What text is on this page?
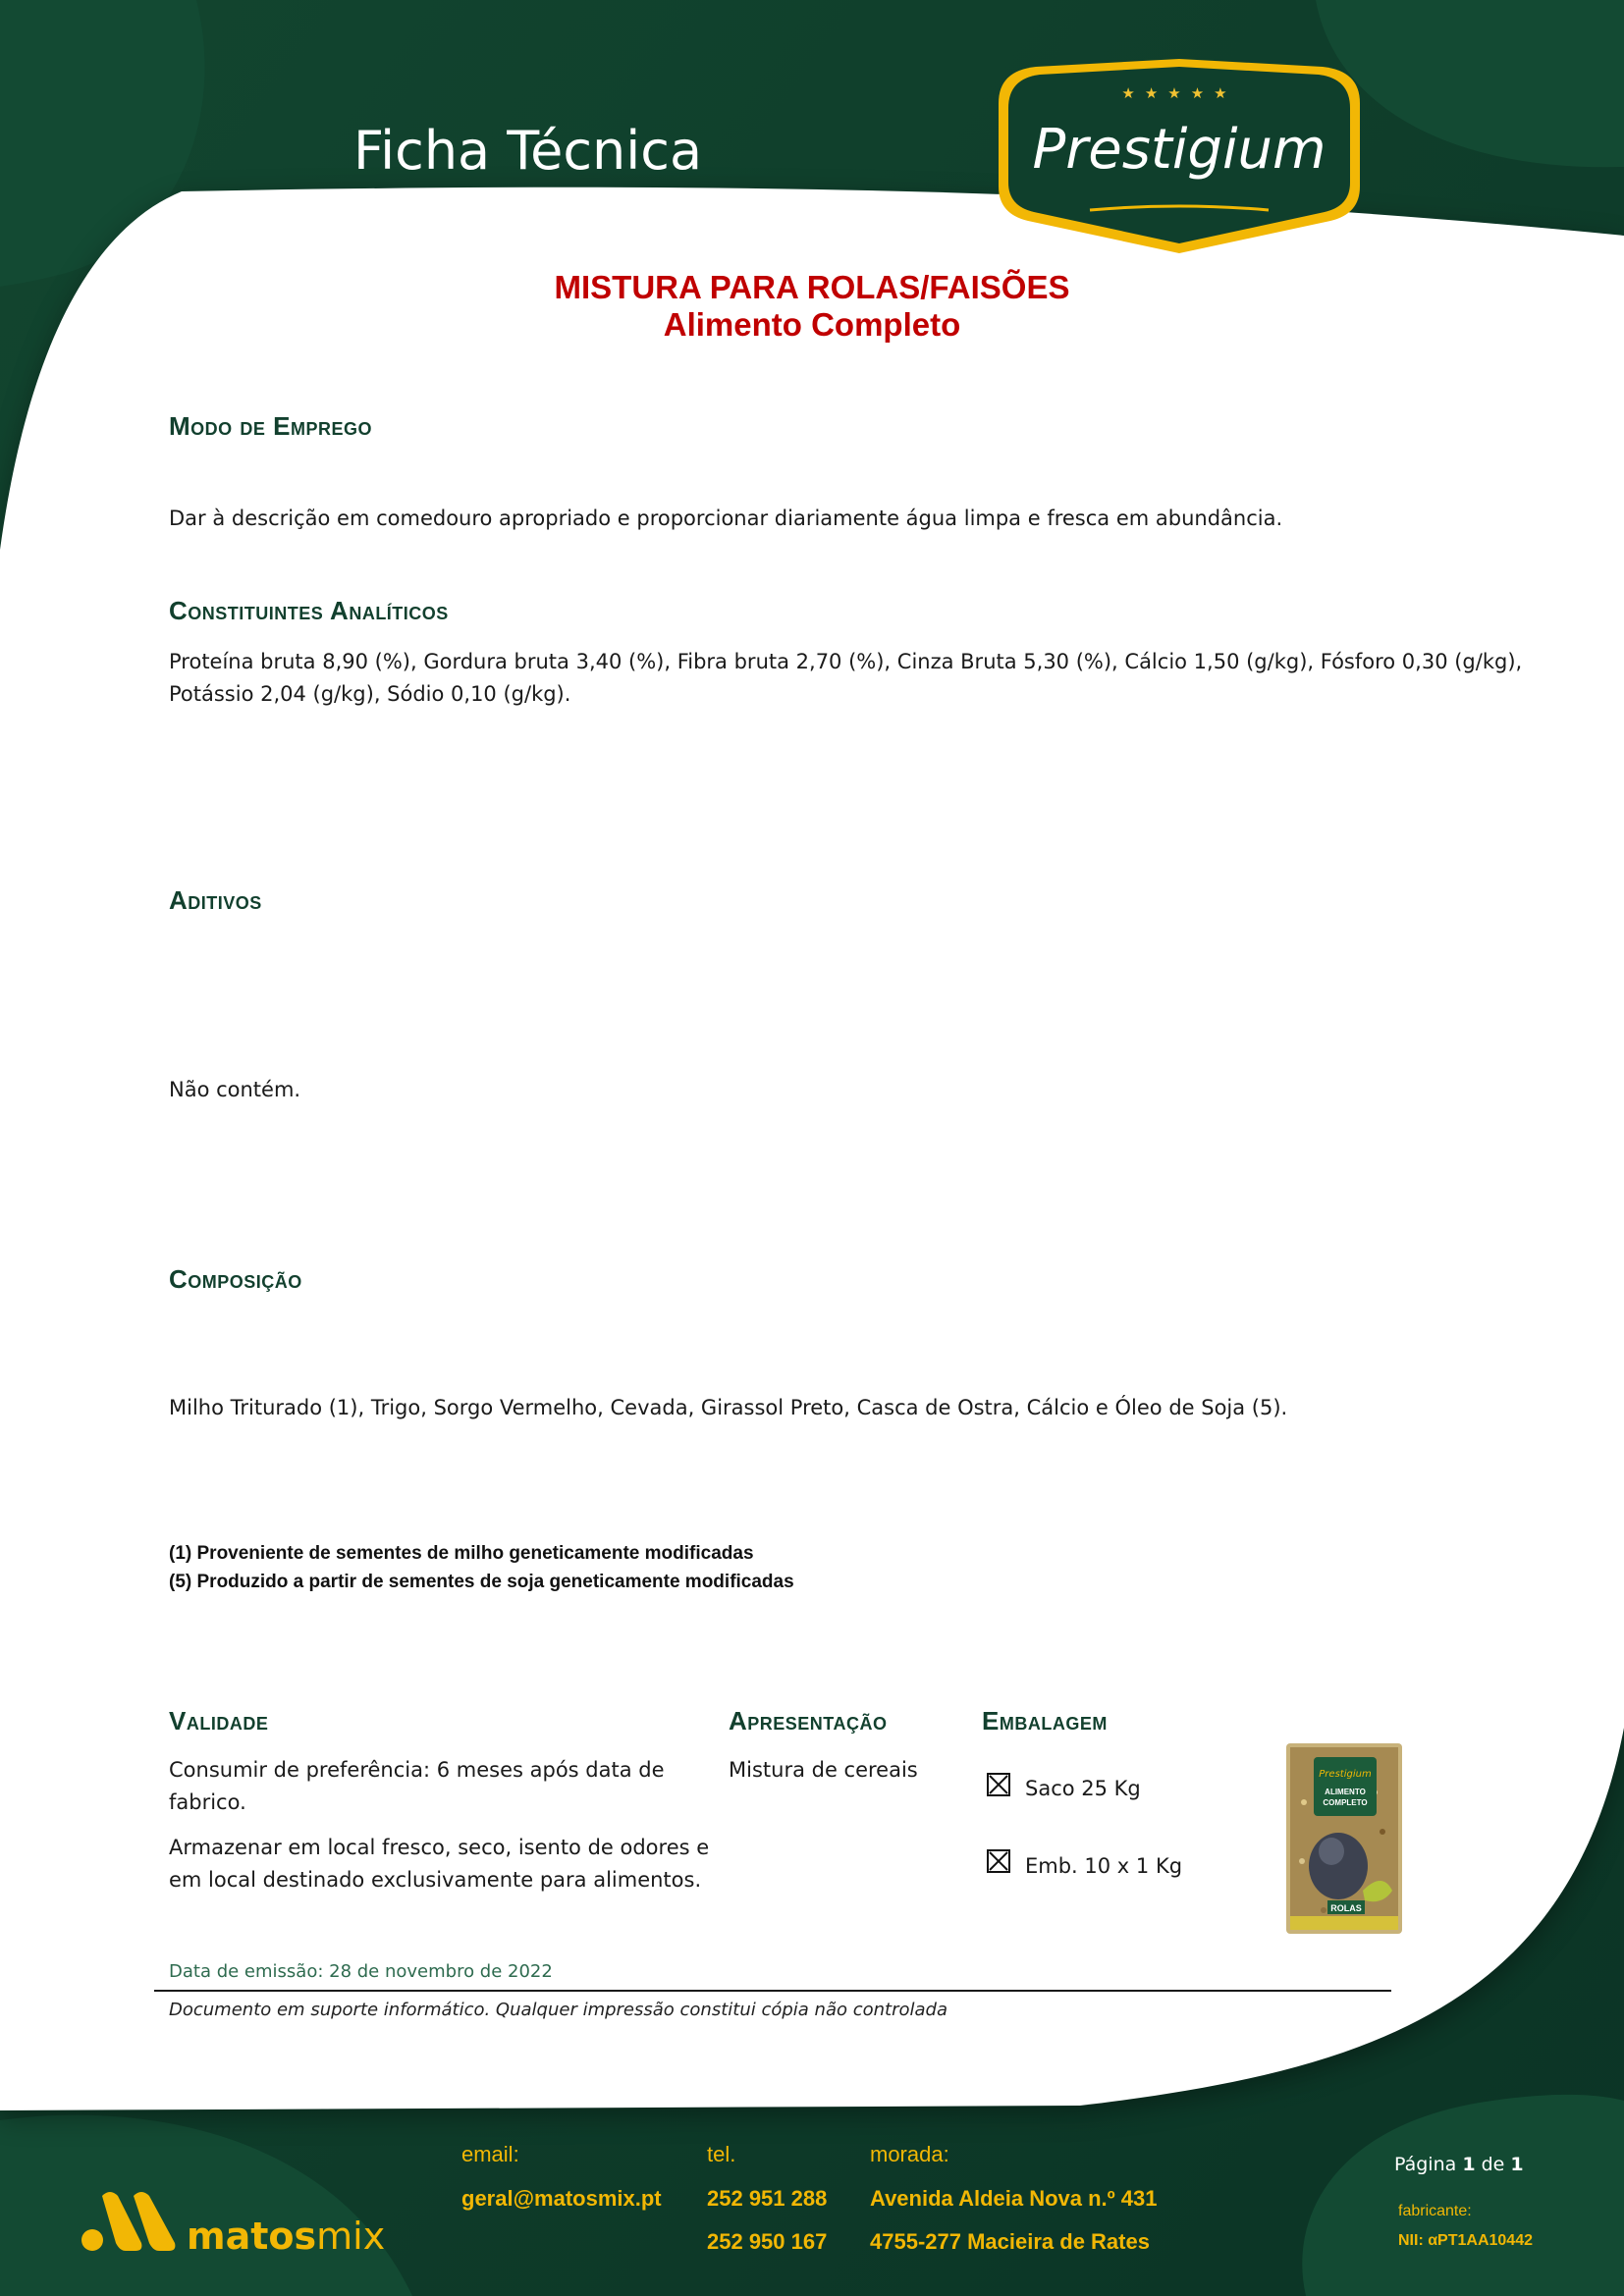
Ficha Técnica
★★★★★
Prestigium
MISTURA PARA ROLAS/FAISÕES
Alimento Completo
Modo de Emprego
Dar à descrição em comedouro apropriado e proporcionar diariamente água limpa e fresca em abundância.
Constituintes Analíticos
Proteína bruta 8,90 (%), Gordura bruta 3,40 (%), Fibra bruta 2,70 (%), Cinza Bruta 5,30 (%), Cálcio 1,50 (g/kg), Fósforo 0,30 (g/kg),
Potássio 2,04 (g/kg), Sódio 0,10 (g/kg).
Aditivos
Não contém.
Composição
Milho Triturado (1), Trigo, Sorgo Vermelho, Cevada, Girassol Preto, Casca de Ostra, Cálcio e Óleo de Soja (5).
(1) Proveniente de sementes de milho geneticamente modificadas
(5) Produzido a partir de sementes de soja geneticamente modificadas
Validade
Consumir de preferência: 6 meses após data de
fabrico.
Armazenar em local fresco, seco, isento de odores e
em local destinado exclusivamente para alimentos.
Apresentação
Mistura de cereais
Embalagem
Saco 25 Kg
Emb. 10 x 1 Kg
Prestigium
ALIMENTO
COMPLETO
ROLAS
Data de emissão: 28 de novembro de 2022
Documento em suporte informático. Qualquer impressão constitui cópia não controlada
matosmix
email:
geral@matosmix.pt
tel.
252 951 288
252 950 167
morada:
Avenida Aldeia Nova n.º 431
4755-277 Macieira de Rates
Página 1 de 1
fabricante:
NII: αPT1AA10442
